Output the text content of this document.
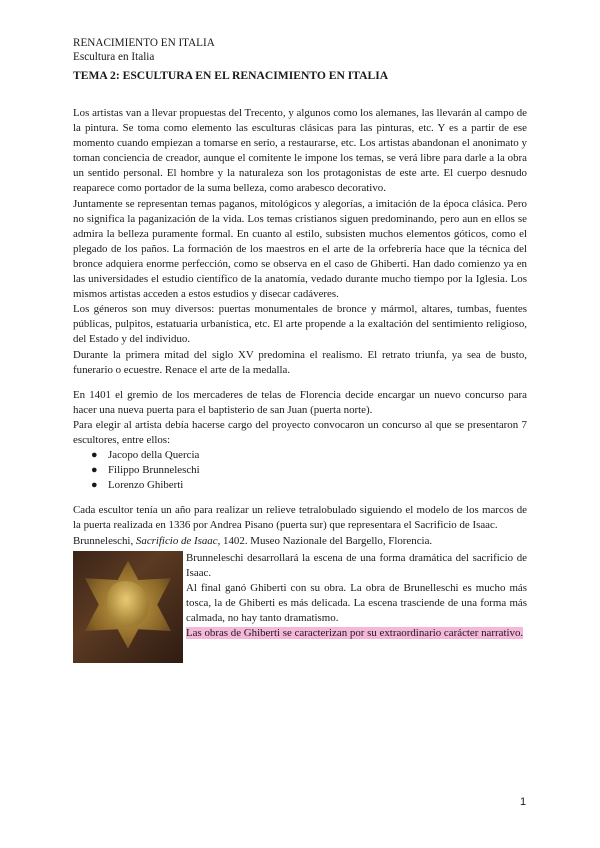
RENACIMIENTO EN ITALIA
Escultura en Italia
TEMA 2: ESCULTURA EN EL RENACIMIENTO EN ITALIA

Los artistas van a llevar propuestas del Trecento, y algunos como los alemanes, las llevarán al campo de la pintura. Se toma como elemento las esculturas clásicas para las pinturas, etc. Y es a partir de ese momento cuando empiezan a tomarse en serio, a restaurarse, etc. Los artistas abandonan el anonimato y toman conciencia de creador, aunque el comitente le impone los temas, se verá libre para darle a la obra un sentido personal. El hombre y la naturaleza son los protagonistas de este arte. El cuerpo desnudo reaparece como portador de la suma belleza, como arabesco decorativo.

Juntamente se representan temas paganos, mitológicos y alegorías, a imitación de la época clásica. Pero no significa la paganización de la vida. Los temas cristianos siguen predominando, pero aun en ellos se admira la belleza puramente formal. En cuanto al estilo, subsisten muchos elementos góticos, como el plegado de los paños. La formación de los maestros en el arte de la orfebrería hace que la técnica del bronce adquiera enorme perfección, como se observa en el caso de Ghiberti. Han dado comienzo ya en las universidades el estudio científico de la anatomía, vedado durante mucho tiempo por la Iglesia. Los mismos artistas acceden a estos estudios y disecar cadáveres.

Los géneros son muy diversos: puertas monumentales de bronce y mármol, altares, tumbas, fuentes públicas, pulpitos, estatuaria urbanística, etc. El arte propende a la exaltación del sentimiento religioso, del Estado y del individuo.

Durante la primera mitad del siglo XV predomina el realismo. El retrato triunfa, ya sea de busto, funerario o ecuestre. Renace el arte de la medalla.

En 1401 el gremio de los mercaderes de telas de Florencia decide encargar un nuevo concurso para hacer una nueva puerta para el baptisterio de san Juan (puerta norte).

Para elegir al artista debía hacerse cargo del proyecto convocaron un concurso al que se presentaron 7 escultores, entre ellos:

● Jacopo della Quercia
● Filippo Brunneleschi
● Lorenzo Ghiberti

Cada escultor tenía un año para realizar un relieve tetralobulado siguiendo el modelo de los marcos de la puerta realizada en 1336 por Andrea Pisano (puerta sur) que representara el Sacrificio de Isaac.

Brunneleschi, Sacrificio de Isaac, 1402. Museo Nazionale del Bargello, Florencia.

Brunneleschi desarrollará la escena de una forma dramática del sacrificio de Isaac.

Al final ganó Ghiberti con su obra. La obra de Brunelleschi es mucho más tosca, la de Ghiberti es más delicada. La escena trasciende de una forma más calmada, no hay tanto dramatismo.

Las obras de Ghiberti se caracterizan por su extraordinario carácter narrativo.

1
